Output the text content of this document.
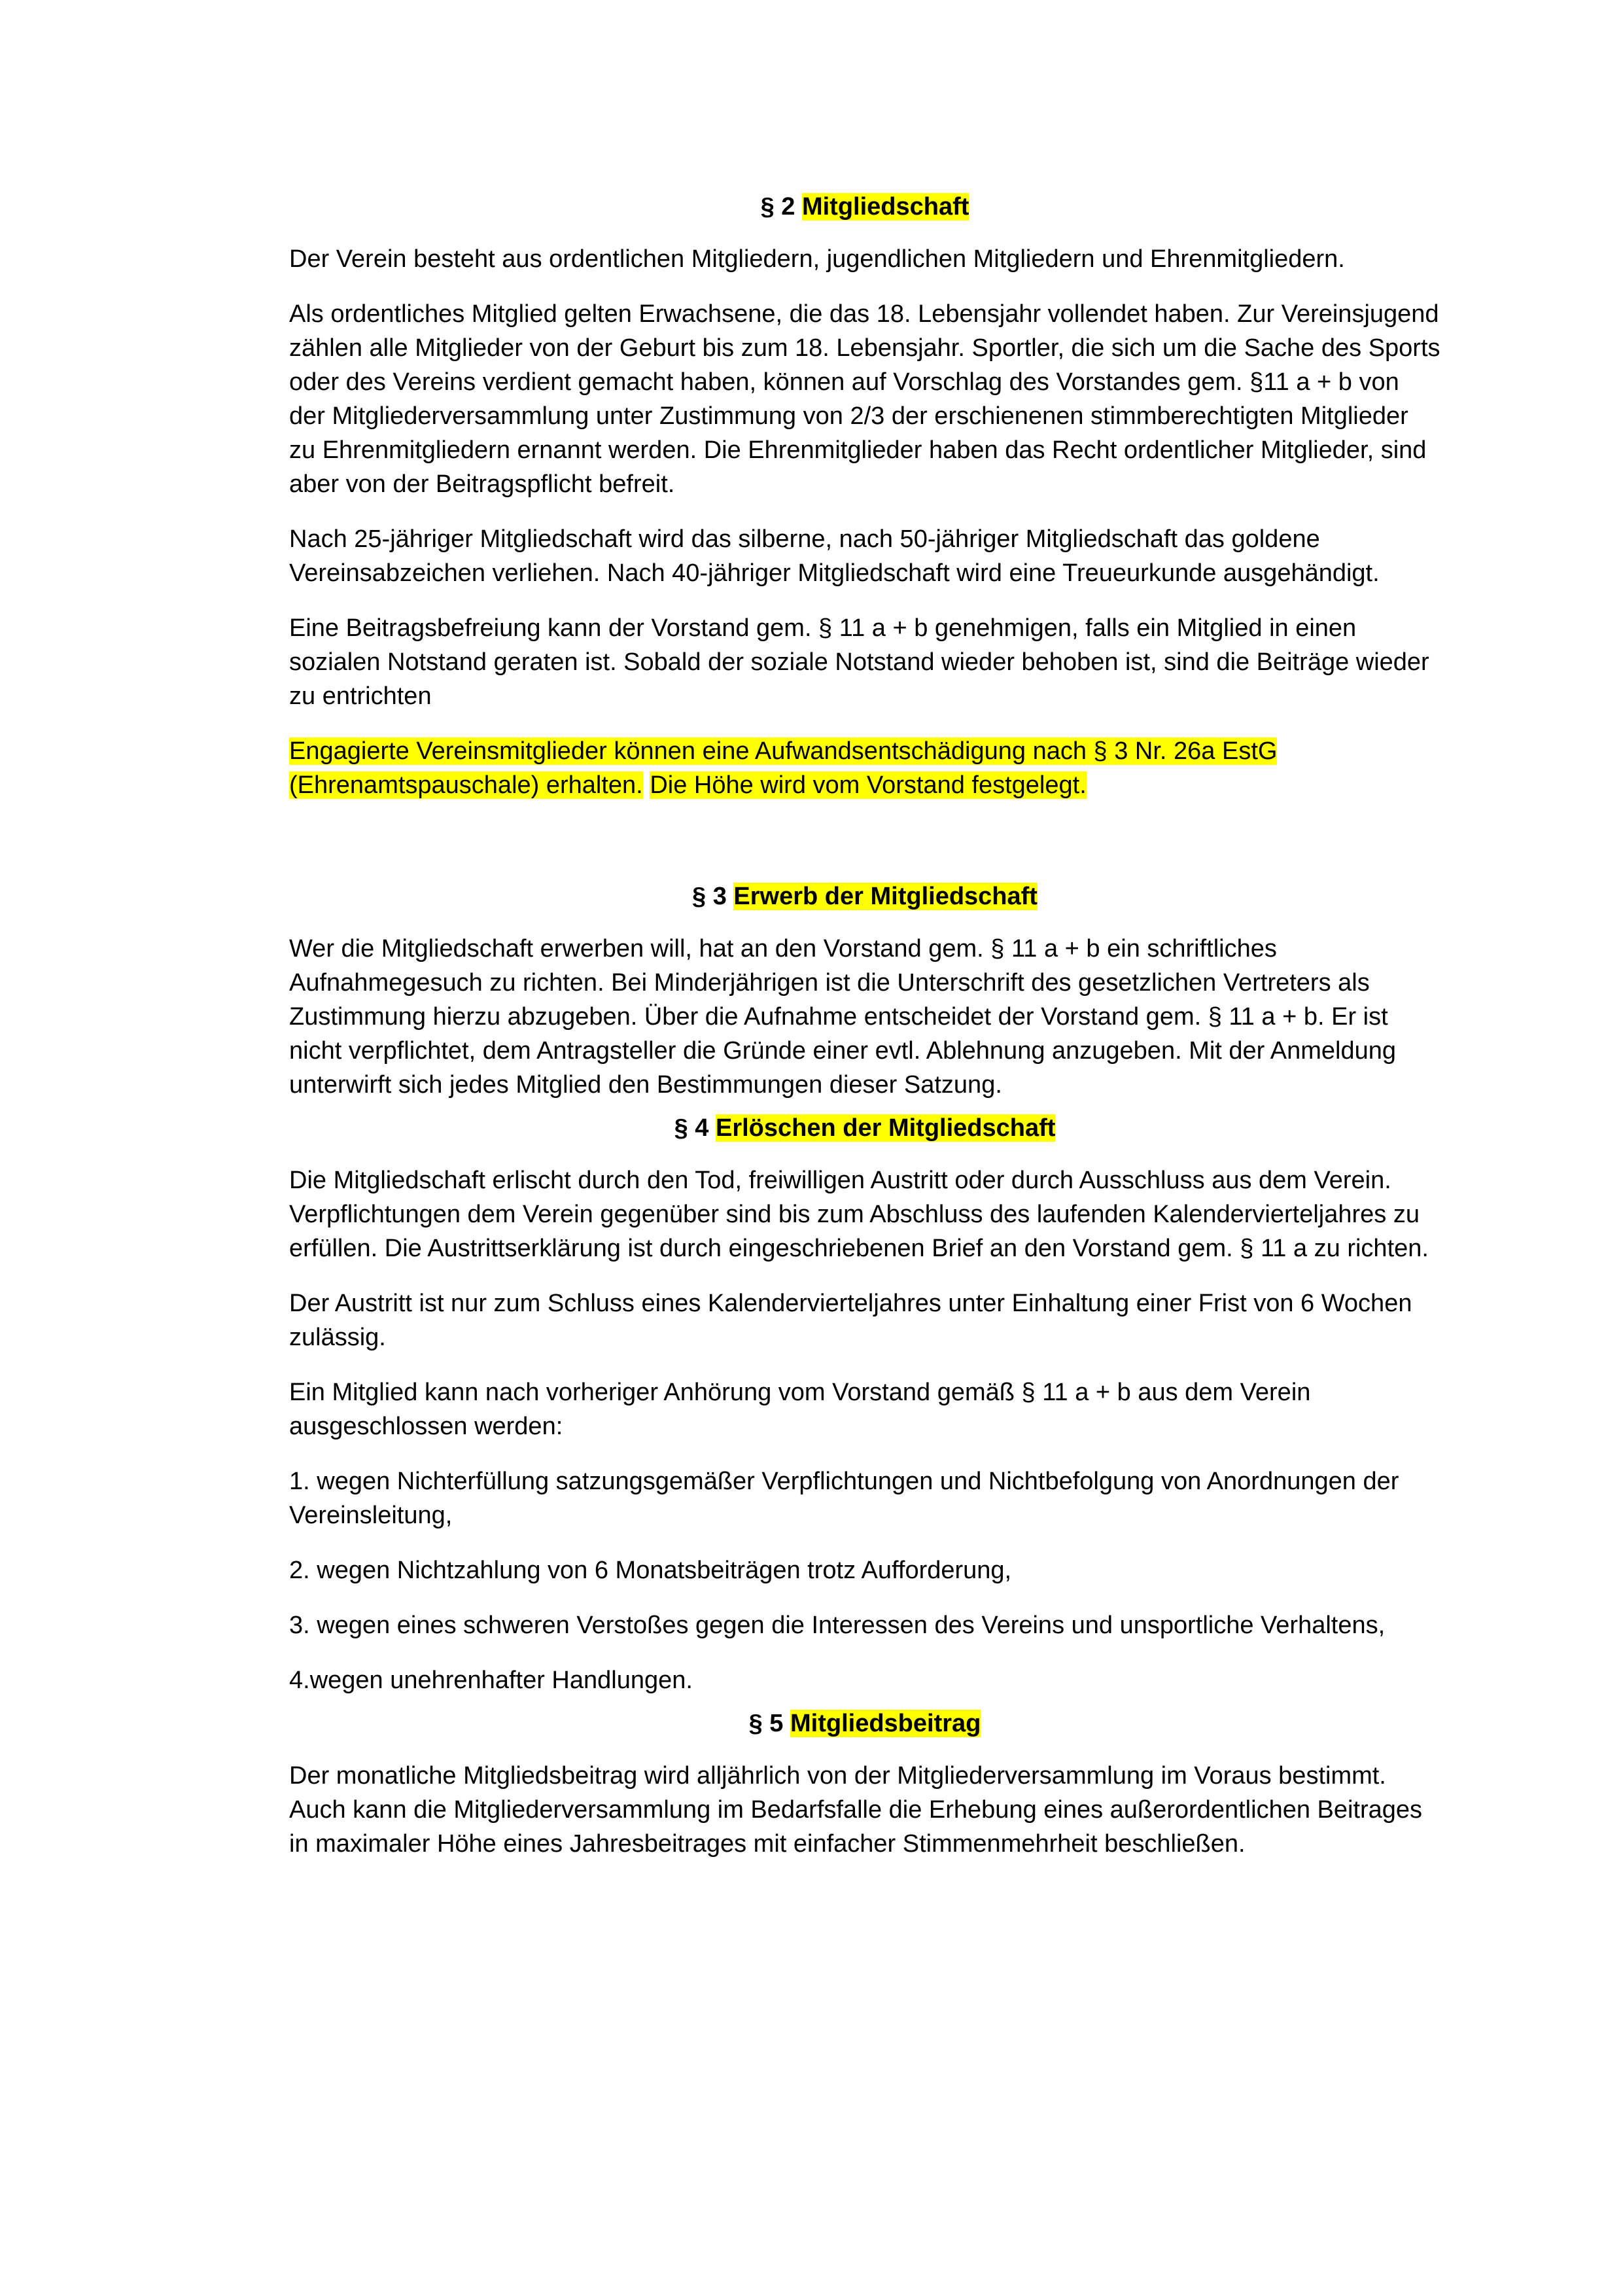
§ 2 Mitgliedschaft

Der Verein besteht aus ordentlichen Mitgliedern, jugendlichen Mitgliedern und Ehrenmitgliedern.

Als ordentliches Mitglied gelten Erwachsene, die das 18. Lebensjahr vollendet haben. Zur Vereinsjugend zählen alle Mitglieder von der Geburt bis zum 18. Lebensjahr. Sportler, die sich um die Sache des Sports oder des Vereins verdient gemacht haben, können auf Vorschlag des Vorstandes gem. §11 a + b von der Mitgliederversammlung unter Zustimmung von 2/3 der erschienenen stimmberechtigten Mitglieder zu Ehrenmitgliedern ernannt werden. Die Ehrenmitglieder haben das Recht ordentlicher Mitglieder, sind aber von der Beitragspflicht befreit.

Nach 25-jähriger Mitgliedschaft wird das silberne, nach 50-jähriger Mitgliedschaft das goldene Vereinsabzeichen verliehen. Nach 40-jähriger Mitgliedschaft wird eine Treueurkunde ausgehändigt.

Eine Beitragsbefreiung kann der Vorstand gem. § 11 a + b genehmigen, falls ein Mitglied in einen sozialen Notstand geraten ist. Sobald der soziale Notstand wieder behoben ist, sind die Beiträge wieder zu entrichten

Engagierte Vereinsmitglieder können eine Aufwandsentschädigung nach § 3 Nr. 26a EstG (Ehrenamtspauschale) erhalten. Die Höhe wird vom Vorstand festgelegt.

§ 3 Erwerb der Mitgliedschaft

Wer die Mitgliedschaft erwerben will, hat an den Vorstand gem. § 11 a + b ein schriftliches Aufnahmegesuch zu richten. Bei Minderjährigen ist die Unterschrift des gesetzlichen Vertreters als Zustimmung hierzu abzugeben. Über die Aufnahme entscheidet der Vorstand gem. § 11 a + b. Er ist nicht verpflichtet, dem Antragsteller die Gründe einer evtl. Ablehnung anzugeben. Mit der Anmeldung unterwirft sich jedes Mitglied den Bestimmungen dieser Satzung.

§ 4 Erlöschen der Mitgliedschaft

Die Mitgliedschaft erlischt durch den Tod, freiwilligen Austritt oder durch Ausschluss aus dem Verein. Verpflichtungen dem Verein gegenüber sind bis zum Abschluss des laufenden Kalendervierteljahres zu erfüllen. Die Austrittserklärung ist durch eingeschriebenen Brief an den Vorstand gem. § 11 a zu richten.

Der Austritt ist nur zum Schluss eines Kalendervierteljahres unter Einhaltung einer Frist von 6 Wochen zulässig.

Ein Mitglied kann nach vorheriger Anhörung vom Vorstand gemäß § 11 a + b aus dem Verein ausgeschlossen werden:

1. wegen Nichterfüllung satzungsgemäßer Verpflichtungen und Nichtbefolgung von Anordnungen der Vereinsleitung,

2. wegen Nichtzahlung von 6 Monatsbeiträgen trotz Aufforderung,

3. wegen eines schweren Verstoßes gegen die Interessen des Vereins und unsportliche Verhaltens,

4.wegen unehrenhafter Handlungen.

§ 5 Mitgliedsbeitrag

Der monatliche Mitgliedsbeitrag wird alljährlich von der Mitgliederversammlung im Voraus bestimmt. Auch kann die Mitgliederversammlung im Bedarfsfalle die Erhebung eines außerordentlichen Beitrages in maximaler Höhe eines Jahresbeitrages mit einfacher Stimmenmehrheit beschließen.
